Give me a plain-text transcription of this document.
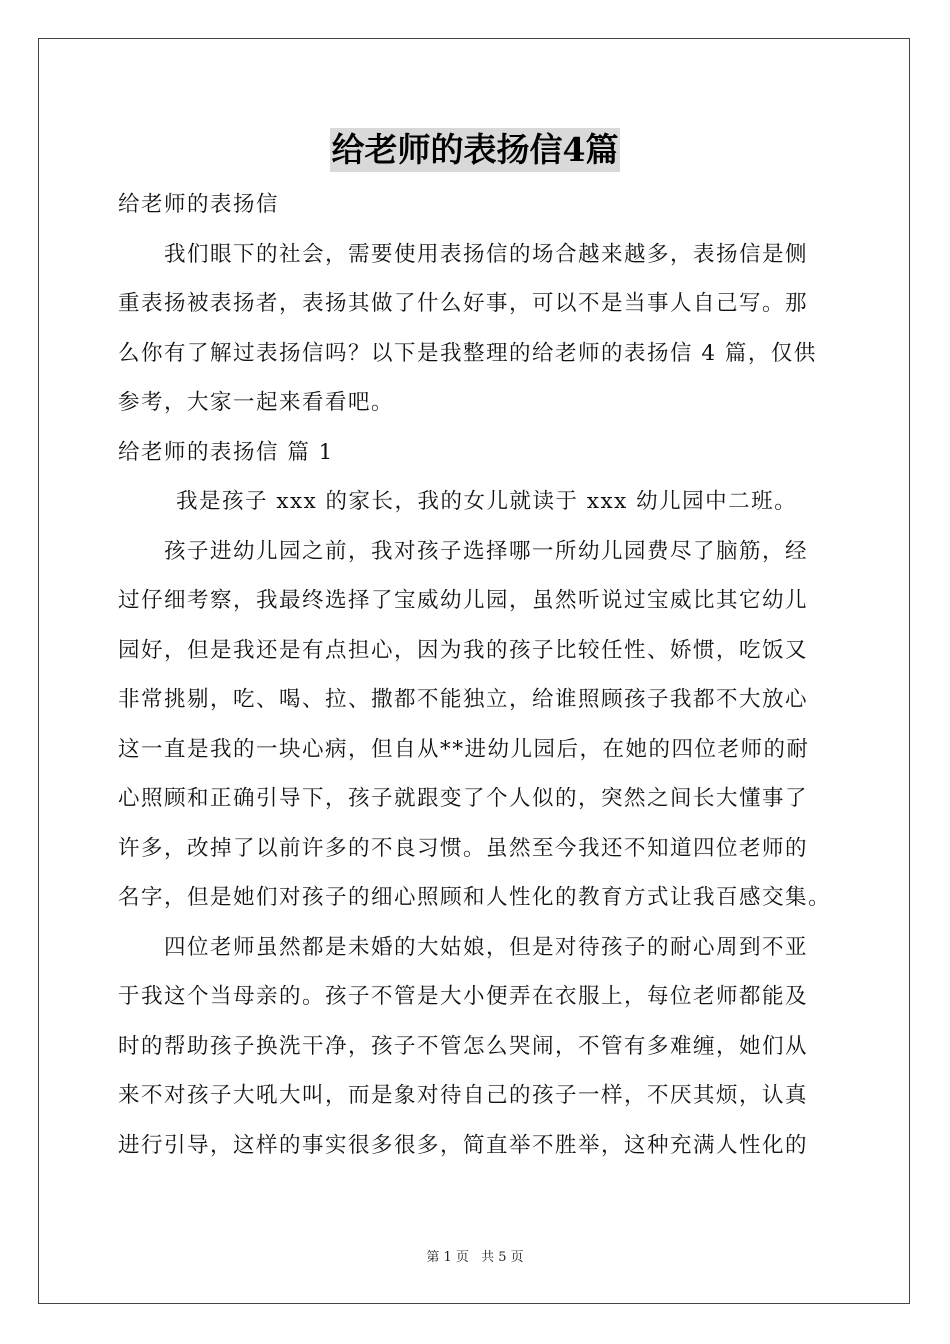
给老师的表扬信4篇

给老师的表扬信

我们眼下的社会，需要使用表扬信的场合越来越多，表扬信是侧

重表扬被表扬者，表扬其做了什么好事，可以不是当事人自己写。那

么你有了解过表扬信吗？以下是我整理的给老师的表扬信 4 篇，仅供

参考，大家一起来看看吧。

给老师的表扬信 篇 1

我是孩子 xxx 的家长，我的女儿就读于 xxx 幼儿园中二班。

孩子进幼儿园之前，我对孩子选择哪一所幼儿园费尽了脑筋，经

过仔细考察，我最终选择了宝威幼儿园，虽然听说过宝威比其它幼儿

园好，但是我还是有点担心，因为我的孩子比较任性、娇惯，吃饭又

非常挑剔，吃、喝、拉、撒都不能独立，给谁照顾孩子我都不大放心

这一直是我的一块心病，但自从**进幼儿园后，在她的四位老师的耐

心照顾和正确引导下，孩子就跟变了个人似的，突然之间长大懂事了

许多，改掉了以前许多的不良习惯。虽然至今我还不知道四位老师的

名字，但是她们对孩子的细心照顾和人性化的教育方式让我百感交集。

四位老师虽然都是未婚的大姑娘，但是对待孩子的耐心周到不亚

于我这个当母亲的。孩子不管是大小便弄在衣服上，每位老师都能及

时的帮助孩子换洗干净，孩子不管怎么哭闹，不管有多难缠，她们从

来不对孩子大吼大叫，而是象对待自己的孩子一样，不厌其烦，认真

进行引导，这样的事实很多很多，简直举不胜举，这种充满人性化的

第 1 页 共 5 页
